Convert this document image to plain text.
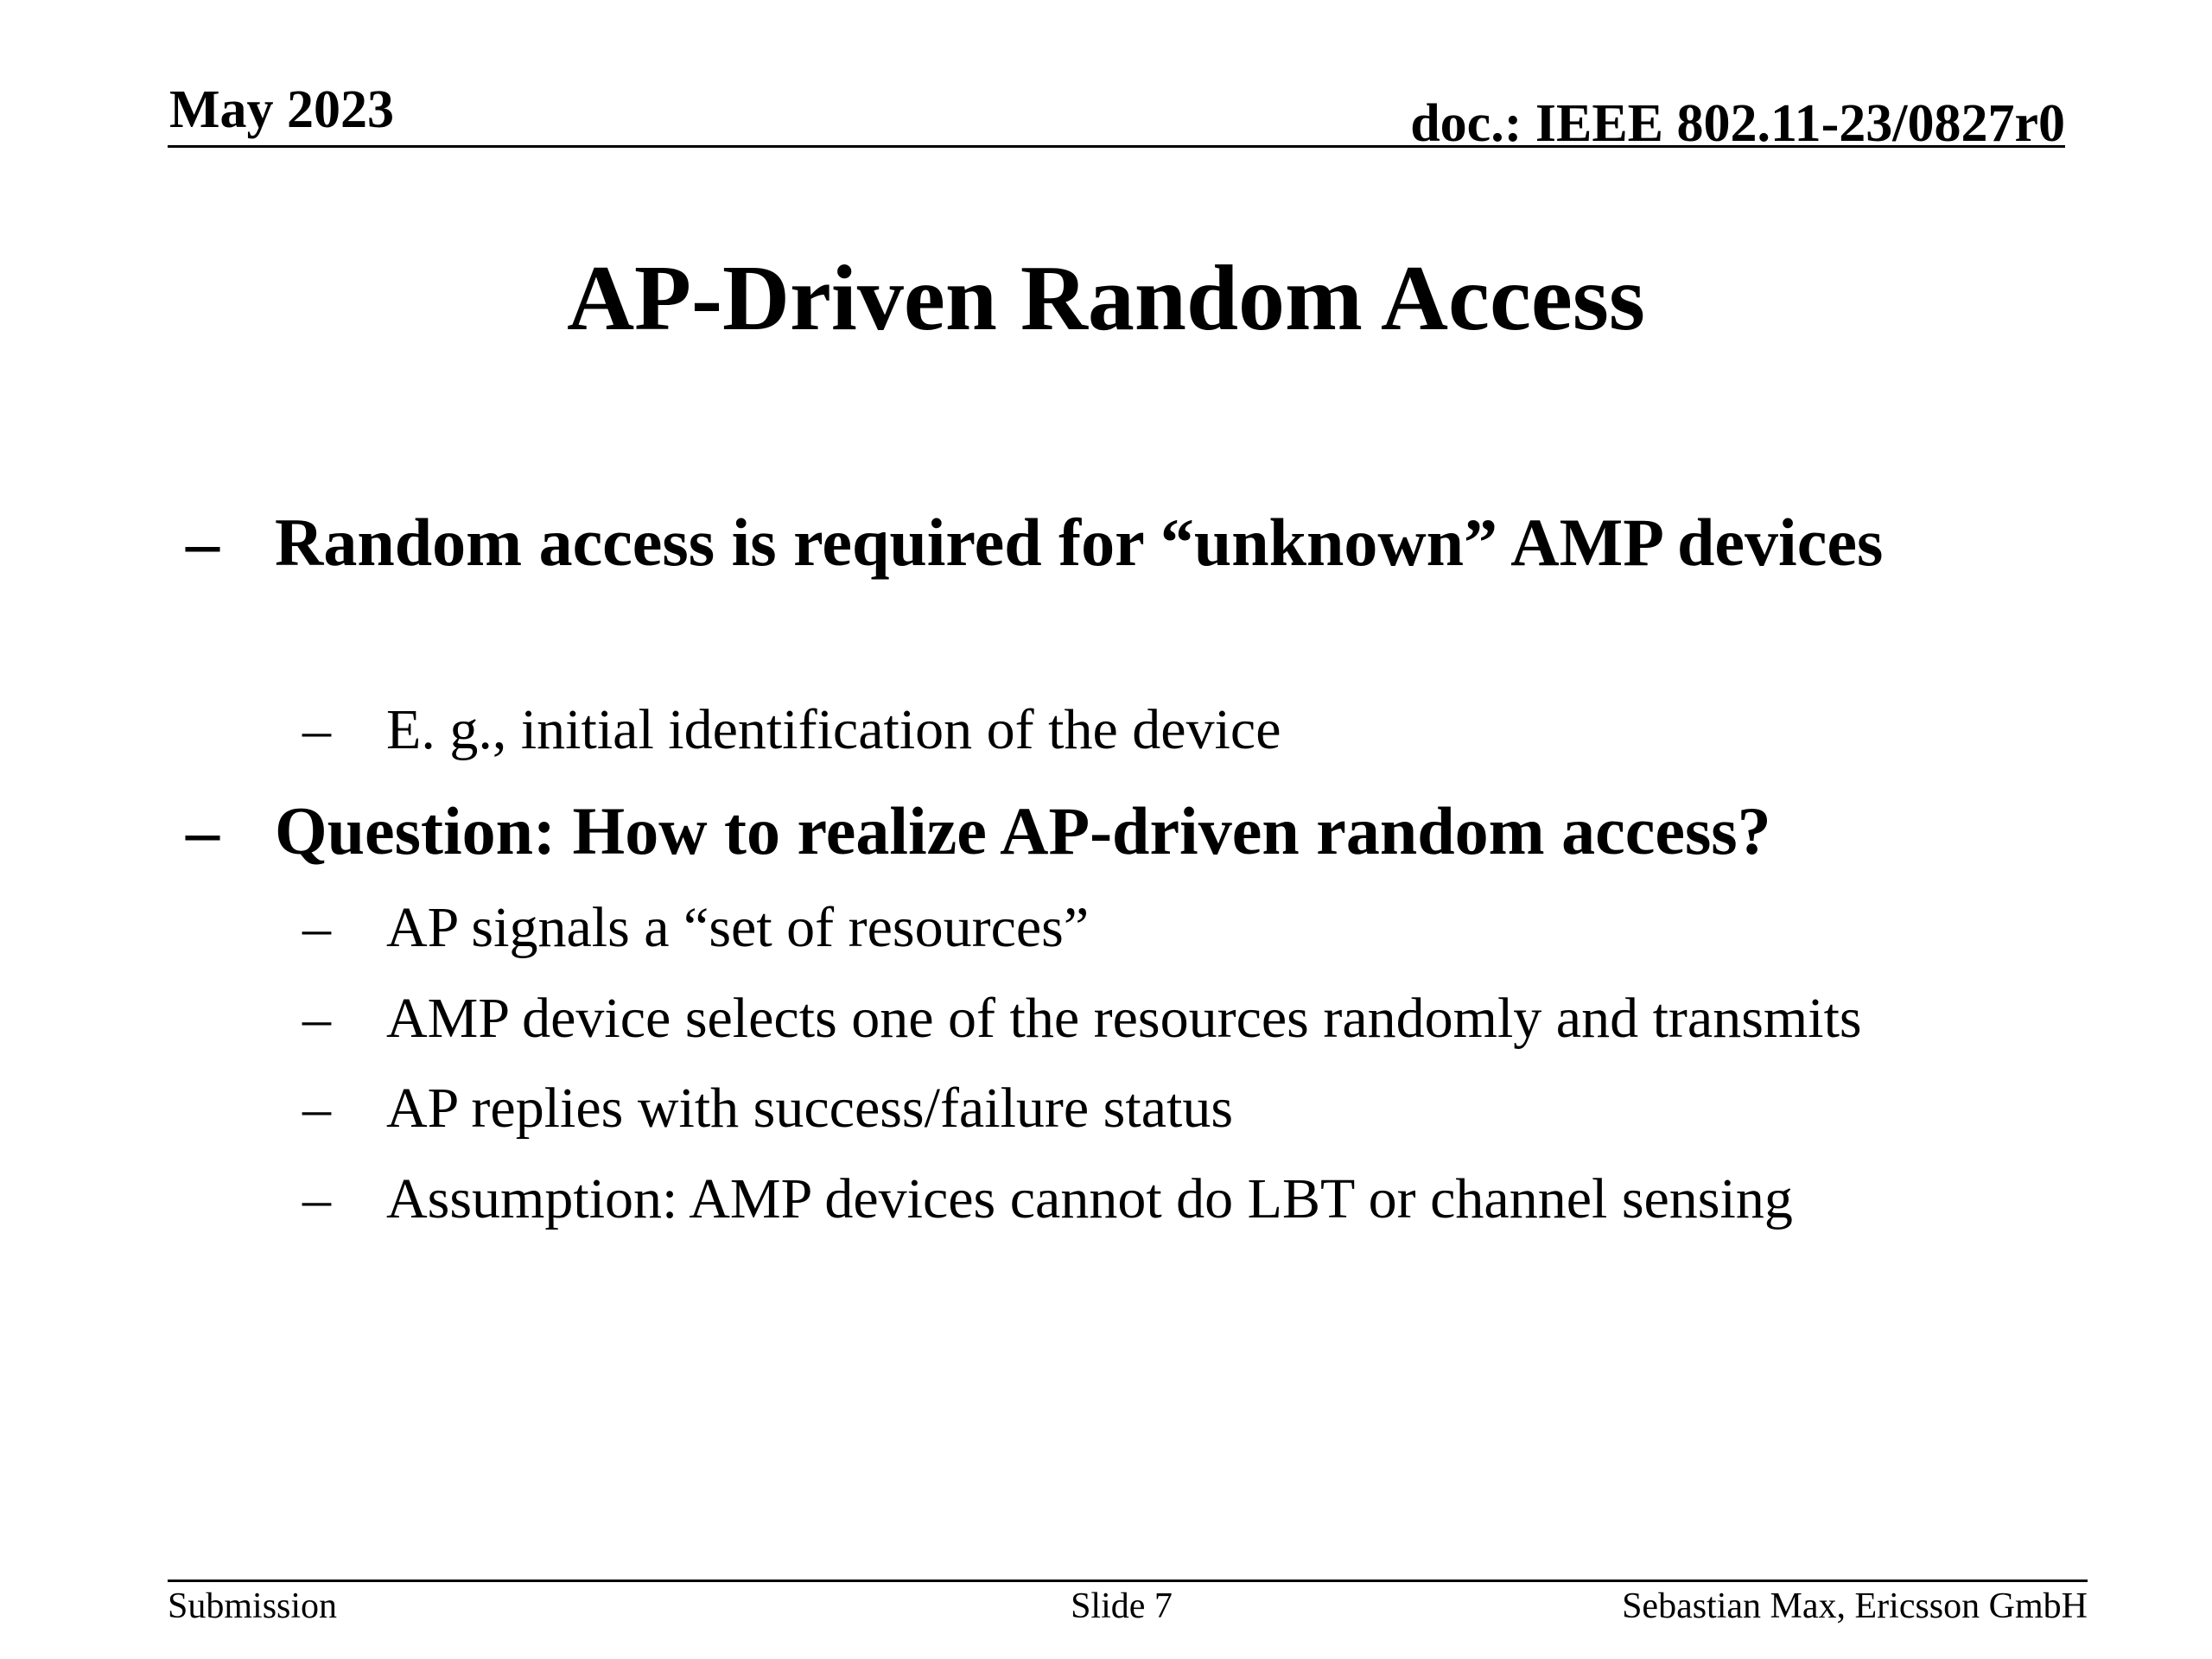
May 2023	doc.: IEEE 802.11-23/0827r0
AP-Driven Random Access
– Random access is required for “unknown” AMP devices
– E. g., initial identification of the device
– Question: How to realize AP-driven random access?
– AP signals a “set of resources”
– AMP device selects one of the resources randomly and transmits
– AP replies with success/failure status
– Assumption: AMP devices cannot do LBT or channel sensing
Submission	Slide 7	Sebastian Max, Ericsson GmbH
